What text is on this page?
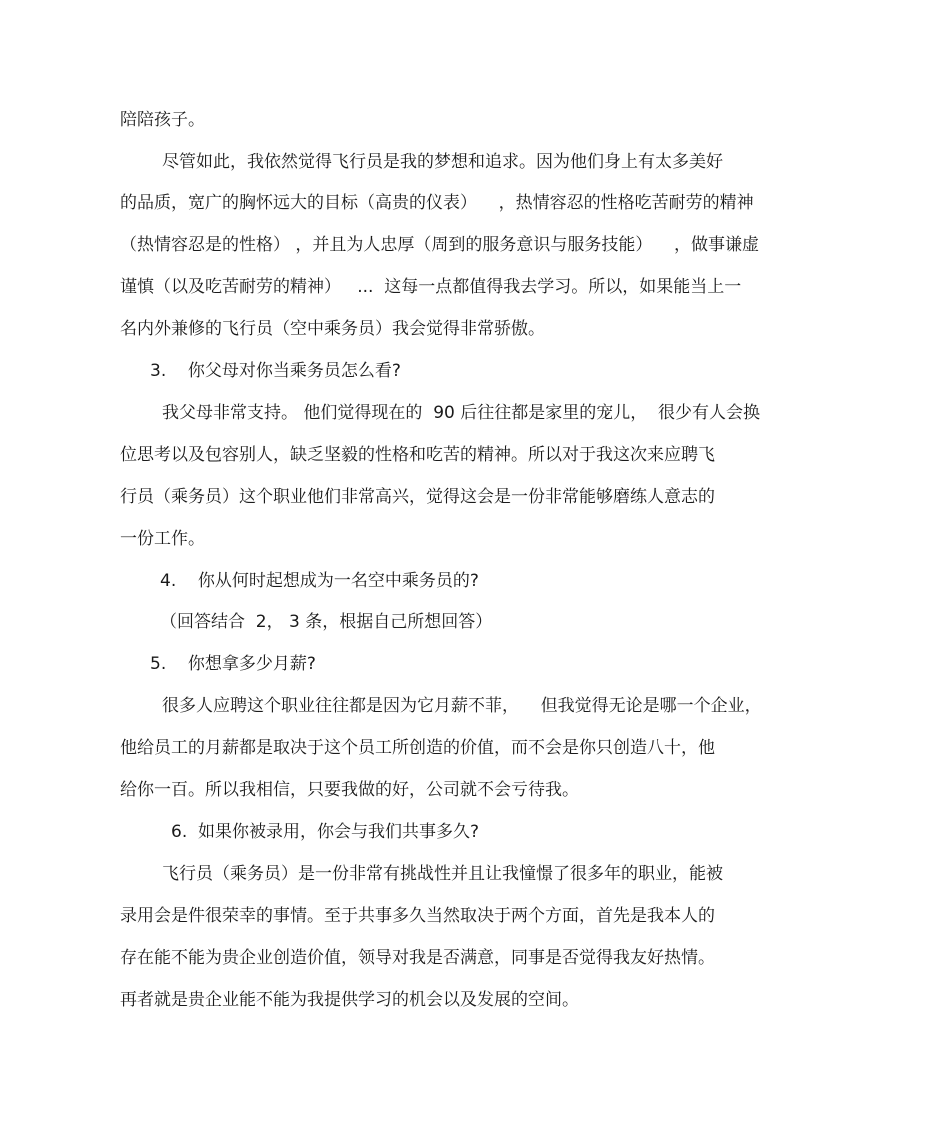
陪陪孩子。
尽管如此，我依然觉得飞行员是我的梦想和追求。因为他们身上有太多美好
的品质，宽广的胸怀远大的目标（高贵的仪表）    ，热情容忍的性格吃苦耐劳的精神
（热情容忍是的性格） ，并且为人忠厚（周到的服务意识与服务技能）    ，做事谦虚
谨慎（以及吃苦耐劳的精神）   ...  这每一点都值得我去学习。所以，如果能当上一
名内外兼修的飞行员（空中乘务员）我会觉得非常骄傲。
3.    你父母对你当乘务员怎么看?
我父母非常支持。 他们觉得现在的  90 后往往都是家里的宠儿，  很少有人会换
位思考以及包容别人，缺乏坚毅的性格和吃苦的精神。所以对于我这次来应聘飞
行员（乘务员）这个职业他们非常高兴，觉得这会是一份非常能够磨练人意志的
一份工作。
4.    你从何时起想成为一名空中乘务员的?
（回答结合  2， 3 条，根据自己所想回答）
5.    你想拿多少月薪?
很多人应聘这个职业往往都是因为它月薪不菲，    但我觉得无论是哪一个企业，
他给员工的月薪都是取决于这个员工所创造的价值，而不会是你只创造八十，他
给你一百。所以我相信，只要我做的好，公司就不会亏待我。
6.  如果你被录用，你会与我们共事多久?
飞行员（乘务员）是一份非常有挑战性并且让我憧憬了很多年的职业，能被
录用会是件很荣幸的事情。至于共事多久当然取决于两个方面，首先是我本人的
存在能不能为贵企业创造价值，领导对我是否满意，同事是否觉得我友好热情。
再者就是贵企业能不能为我提供学习的机会以及发展的空间。
